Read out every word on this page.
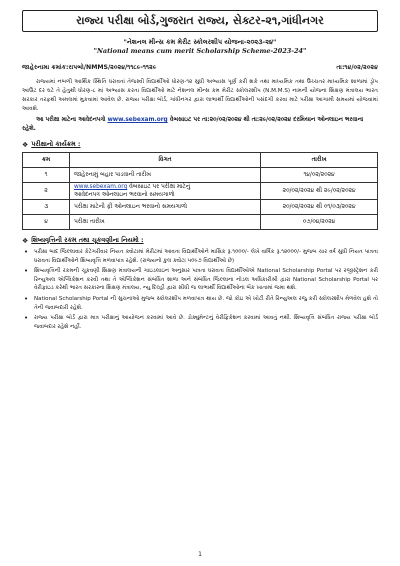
રાજ્ય પરીક્ષા બોર્ડ,ગુજરાત રાજ્ય, સેક્ટર-૨૧,ગાંધીનગર
"નેશનલ મીન્સ કમ મેરીટ સ્કોલરશીપ યોજના-૨૦૨૩-૨૪"
"National means cum merit Scholarship Scheme-2023-24"
જાહેરનામા ક્રમાંક:રાપબો/NMMS/૨૦૨૪/૧૧૮૯-૧૧૨૯	તા:૧૪/૦૨/૨૦૨૪
રાજ્યમાં નબળી આર્થિક સ્થિતિ ધરાવતાં તેજસ્વી વિદ્યાર્થીઓ ધોરણ-૧૨ સુધી અભ્યાસ પૂર્ણ કરી શકે તથા માધ્યમિક તથા ઉચ્ચતર માધ્યમિક શાળામાં ડ્રોપ આઉટ દર ઘટે તે હેતુથી ધોરણ-૮ માં અભ્યાસ કરતા વિદ્યાર્થીઓ માટે નેશનલ મીન્સ કમ મેરીટ સ્કોલરશીપ (N.M.M.S) નામની યોજના શિક્ષણ મંત્રાલય ભારત સરકાર તરફથી અમલમાં મુકવામાં આવેલ છે. રાજ્ય પરીક્ષા બોર્ડ, ગાંધીનગર દ્વારા લાભાર્થી વિદ્યાર્થીઓની પસંદગી કરવા માટે પરીક્ષા આગામી સમયમાં યોજવામાં આવશે.
આ પરીક્ષા માટેના આવેદનપત્રો www.sebexam.org વેબસાઇટ પર તા:૨૦/૦૨/૨૦૨૪ થી તા:૨૯/૦૨/૨૦૨૪ દરમિયાન ઓનલાઇન ભરવાના રહેશે.
❖ પરીક્ષાનો કાર્યક્રમ :
ક્રમ	વિગત	તારીખ
૧	જાહેરનામું બહાર પાડવાની તારીખ	૧૪/૦૨/૨૦૨૪
૨	www.sebexam.org વેબસાઇટ પર પરીક્ષા માટેનું
આવેદનપત્ર ઓનલાઇન ભરવાનો સમયગાળો	૨૦/૦૨/૨૦૨૪ થી ૨૯/૦૨/૨૦૨૪
૩	પરીક્ષા માટેની ફી ઓનલાઇન ભરવાનો સમયગાળો	૨૦/૦૨/૨૦૨૪ થી ૦૧/૦૩/૨૦૨૪
૪	પરીક્ષા તારીખ	૦૭/૦૪/૨૦૨૪
❖ શિષ્યવૃત્તિની રકમ તથા ચૂકવણીના નિયમો :
• પરીક્ષા બાદ જિલ્લાવાર કેટેગરીવાર નિયત ક્વોટામાં મેરીટમાં આવતા વિદ્યાર્થીઓને માસિક રૂ.૧૦૦૦/- લેખે વાર્ષિક રૂ.૧૨૦૦૦/- મુજબ ચાર વર્ષ સુધી નિયત પાત્રતા ધરાવતા વિદ્યાર્થીઓને શિષ્યવૃત્તિ મળવાપાત્ર રહેશે. (રાજ્યનો કુલ ક્વોટા ૫૦૯૭ વિદ્યાર્થીઓ છે)
• શિષ્યવૃત્તિની રકમની ચૂકવણી શિક્ષણ મંત્રાલયની ગાઇડલાઇન અનુસાર પાત્રતા ધરાવતા વિદ્યાર્થીઓએ National Scholarship Portal પર રજીસ્ટ્રેશન કરી રિન્યુઅલ એપ્લિકેશન કરવી તથા તે એપ્લિકેશન સંબંધિત શાળા અને સંબંધિત જિલ્લાના નોડલ અધિકારીશ્રી દ્વારા National Scholarship Portal પર વેરીફાઇડ કરેથી ભારત સરકારના શિક્ષણ મંત્રાલય, ન્યુ દિલ્હી દ્વારા સીધી જ લાભાર્થી વિદ્યાર્થીઓના બેંક ખાતામાં જમા થશે.
• National Scholarship Portal ની સુચનાઓ મુજબ સ્કોલરશીપ મળવાપાત્ર થાય છે. જો કોઇ એ ખોટી રીતે રિન્યુઅલ રજુ કરી સ્કોલરશીપ મેળવેલ હશે તો તેની જવાબદારી રહેશે.
• રાજ્ય પરીક્ષા બોર્ડ દ્વારા માત્ર પરીક્ષાનું આયોજન કરવામાં આવે છે. ડોક્યુમેન્ટનું વેરીફિકેશન કરવામાં આવતું નથી. શિષ્યવૃત્તિ સંબંધિત રાજ્ય પરીક્ષા બોર્ડ જવાબદાર રહેશે નહીં.
1
